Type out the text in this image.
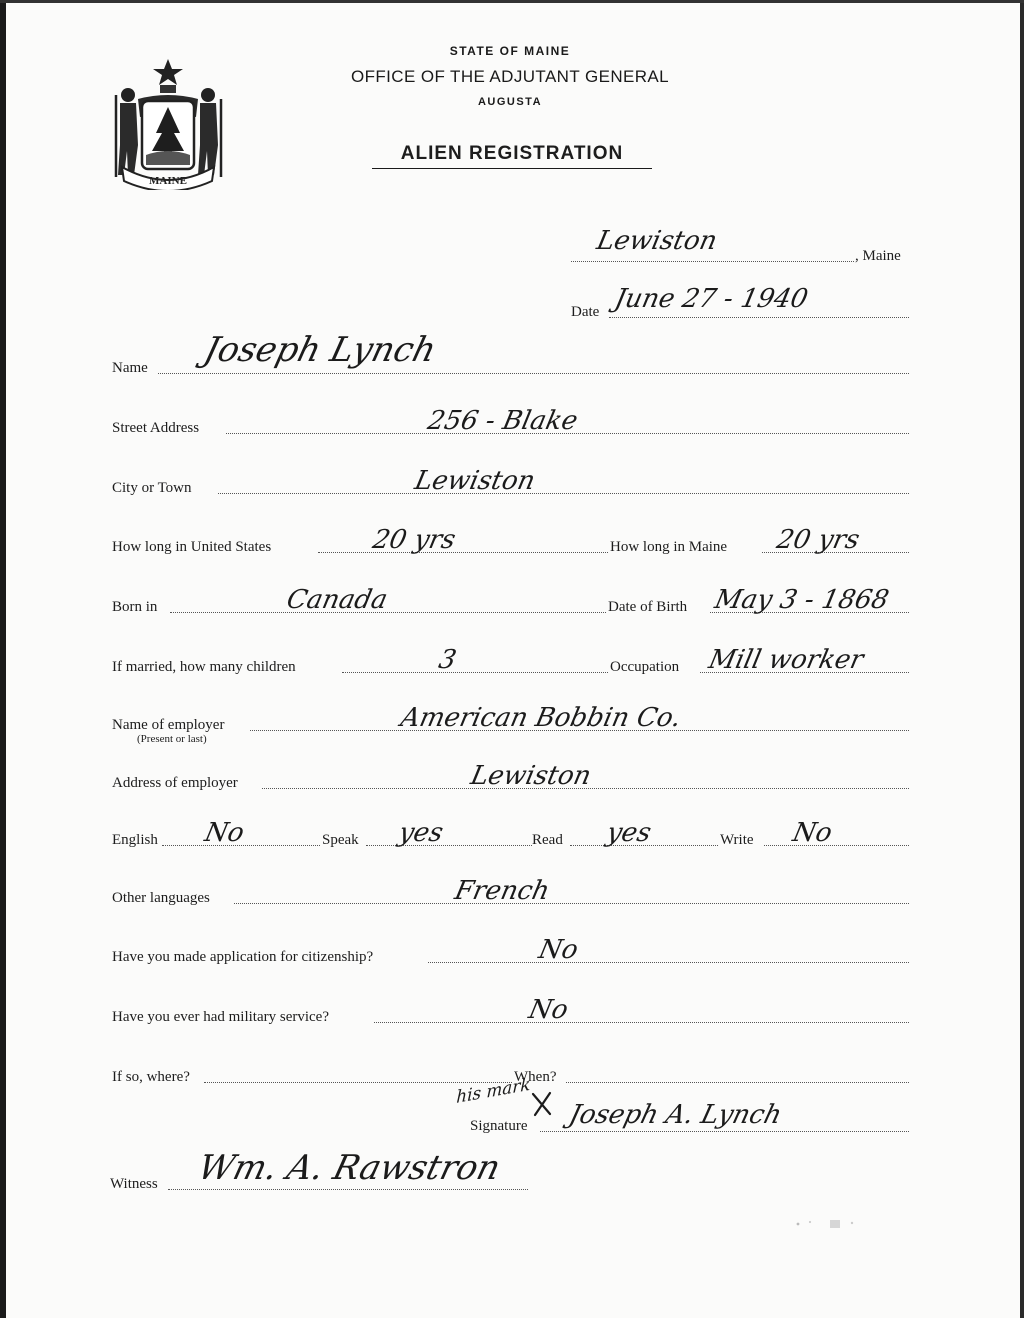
MAINE
STATE OF MAINE
OFFICE OF THE ADJUTANT GENERAL
AUGUSTA
ALIEN REGISTRATION
, Maine
Lewiston
Date June 27 - 1940
Name Joseph Lynch
Street Address	256 - Blake
City or Town	Lewiston
How long in United States	20 yrs	How long in Maine 20 yrs
Born in	Canada	Date of Birth May 3 - 1868
If married, how many children	3	Occupation Mill worker
Name of employer
(Present or last)
American Bobbin Co.
Address of employer	Lewiston
English No	Speak yes	Read yes	Write No
Other languages	French
Have you made application for citizenship?	No
Have you ever had military service?	No
If so, where?	When?
his mark
Signature Joseph A. Lynch
Witness Wm. A. Rawstron
